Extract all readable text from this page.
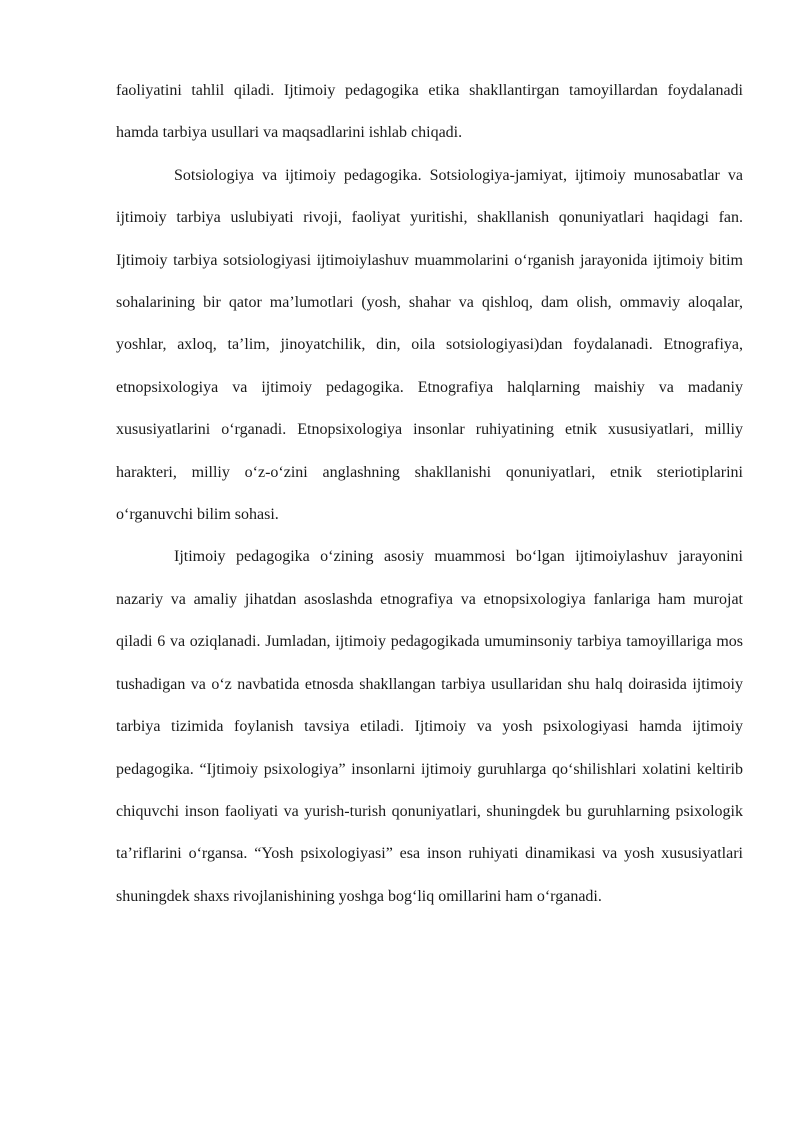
faoliyatini tahlil qiladi. Ijtimoiy pedagogika etika shakllantirgan tamoyillardan foydalanadi hamda tarbiya usullari va maqsadlarini ishlab chiqadi.

Sotsiologiya va ijtimoiy pedagogika. Sotsiologiya-jamiyat, ijtimoiy munosabatlar va ijtimoiy tarbiya uslubiyati rivoji, faoliyat yuritishi, shakllanish qonuniyatlari haqidagi fan. Ijtimoiy tarbiya sotsiologiyasi ijtimoiylashuv muammolarini o‘rganish jarayonida ijtimoiy bitim sohalarining bir qator ma’lumotlari (yosh, shahar va qishloq, dam olish, ommaviy aloqalar, yoshlar, axloq, ta’lim, jinoyatchilik, din, oila sotsiologiyasi)dan foydalanadi. Etnografiya, etnopsixologiya va ijtimoiy pedagogika. Etnografiya halqlarning maishiy va madaniy xususiyatlarini o‘rganadi. Etnopsixologiya insonlar ruhiyatining etnik xususiyatlari, milliy harakteri, milliy o‘z-o‘zini anglashning shakllanishi qonuniyatlari, etnik steriotiplarini o‘rganuvchi bilim sohasi.

Ijtimoiy pedagogika o‘zining asosiy muammosi bo‘lgan ijtimoiylashuv jarayonini nazariy va amaliy jihatdan asoslashda etnografiya va etnopsixologiya fanlariga ham murojat qiladi 6 va oziqlanadi. Jumladan, ijtimoiy pedagogikada umuminsoniy tarbiya tamoyillariga mos tushadigan va o‘z navbatida etnosda shakllangan tarbiya usullaridan shu halq doirasida ijtimoiy tarbiya tizimida foylanish tavsiya etiladi. Ijtimoiy va yosh psixologiyasi hamda ijtimoiy pedagogika. “Ijtimoiy psixologiya” insonlarni ijtimoiy guruhlarga qo‘shilishlari xolatini keltirib chiquvchi inson faoliyati va yurish-turish qonuniyatlari, shuningdek bu guruhlarning psixologik ta’riflarini o‘rgansa. “Yosh psixologiyasi” esa inson ruhiyati dinamikasi va yosh xususiyatlari shuningdek shaxs rivojlanishining yoshga bog‘liq omillarini ham o‘rganadi.
